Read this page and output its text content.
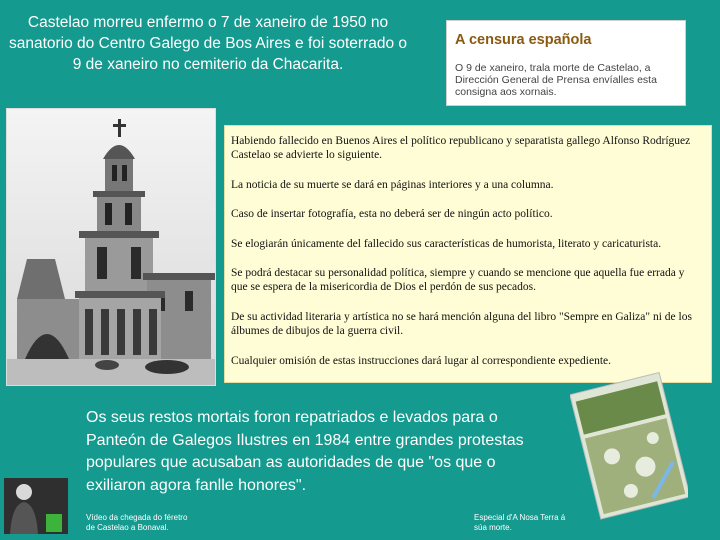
Castelao morreu enfermo o 7 de xaneiro de 1950 no sanatorio do Centro Galego de Bos Aires e foi soterrado o 9 de xaneiro no cemiterio da Chacarita.
A censura española
O 9 de xaneiro, trala morte de Castelao, a Dirección General de Prensa envíalles esta consigna aos xornais.
Habiendo fallecido en Buenos Aires el político republicano y separatista gallego Alfonso Rodríguez Castelao se advierte lo siguiente.
La noticia de su muerte se dará en páginas interiores y a una columna.
Caso de insertar fotografía, esta no deberá ser de ningún acto político.
Se elogiarán únicamente del fallecido sus características de humorista, literato y caricaturista.
Se podrá destacar su personalidad política, siempre y cuando se mencione que aquella fue errada y que se espera de la misericordia de Dios el perdón de sus pecados.
De su actividad literaria y artística no se hará mención alguna del libro "Sempre en Galiza" ni de los álbumes de dibujos de la guerra civil.
Cualquier omisión de estas instrucciones dará lugar al correspondiente expediente.
Os seus restos mortais foron repatriados e levados para o Panteón de Galegos Ilustres en 1984 entre grandes protestas populares que acusaban as autoridades de que "os que o exiliaron agora fanlle honores".
Vídeo da chegada do féretro
de Castelao a Bonaval.
Especial d'A Nosa Terra á
súa morte.
